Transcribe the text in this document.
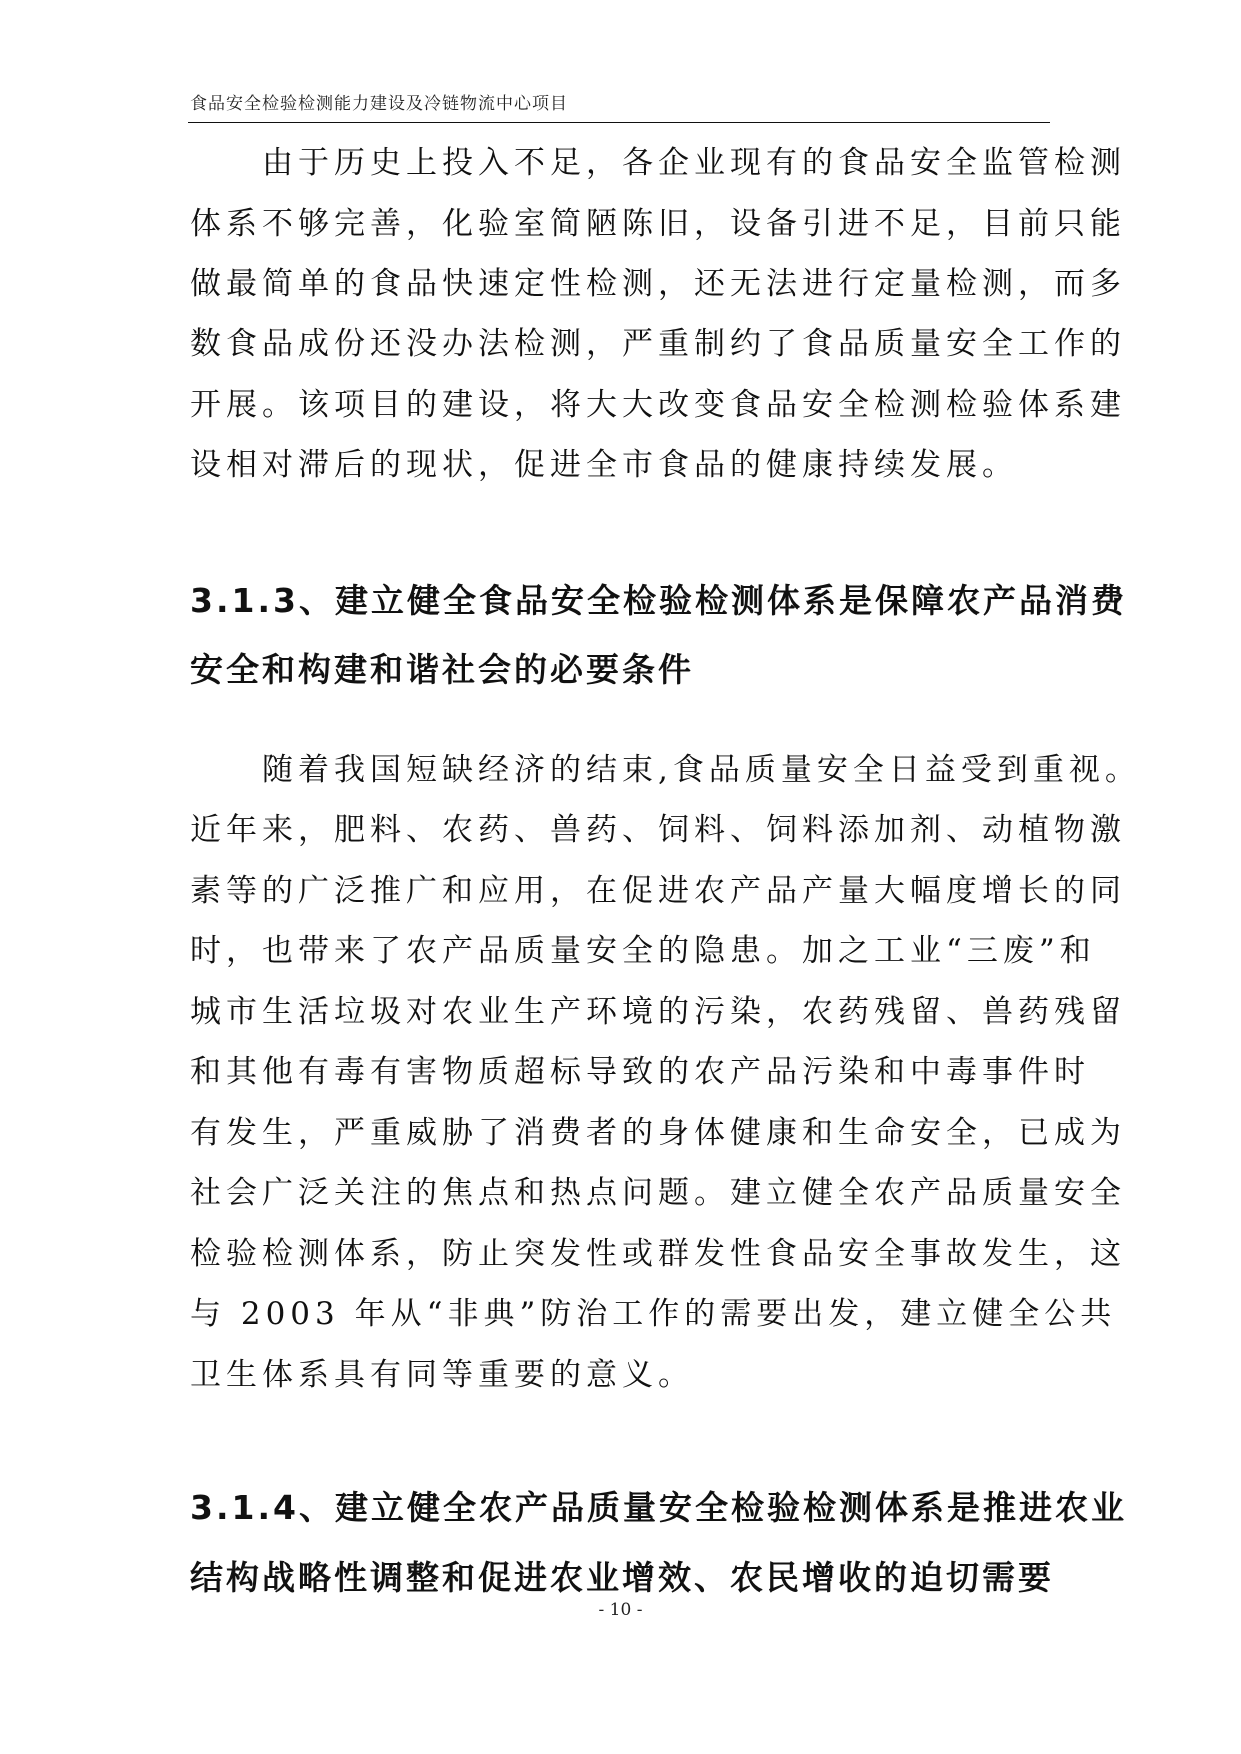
食品安全检验检测能力建设及冷链物流中心项目
　　由于历史上投入不足，各企业现有的食品安全监管检测
体系不够完善，化验室简陋陈旧，设备引进不足，目前只能
做最简单的食品快速定性检测，还无法进行定量检测，而多
数食品成份还没办法检测，严重制约了食品质量安全工作的
开展。该项目的建设，将大大改变食品安全检测检验体系建
设相对滞后的现状，促进全市食品的健康持续发展。
3.1.3、建立健全食品安全检验检测体系是保障农产品消费
安全和构建和谐社会的必要条件
　　随着我国短缺经济的结束,食品质量安全日益受到重视。
近年来，肥料、农药、兽药、饲料、饲料添加剂、动植物激
素等的广泛推广和应用，在促进农产品产量大幅度增长的同
时，也带来了农产品质量安全的隐患。加之工业“三废”和
城市生活垃圾对农业生产环境的污染，农药残留、兽药残留
和其他有毒有害物质超标导致的农产品污染和中毒事件时
有发生，严重威胁了消费者的身体健康和生命安全，已成为
社会广泛关注的焦点和热点问题。建立健全农产品质量安全
检验检测体系，防止突发性或群发性食品安全事故发生，这
与 2003 年从“非典”防治工作的需要出发，建立健全公共
卫生体系具有同等重要的意义。
3.1.4、建立健全农产品质量安全检验检测体系是推进农业
结构战略性调整和促进农业增效、农民增收的迫切需要
- 10 -
